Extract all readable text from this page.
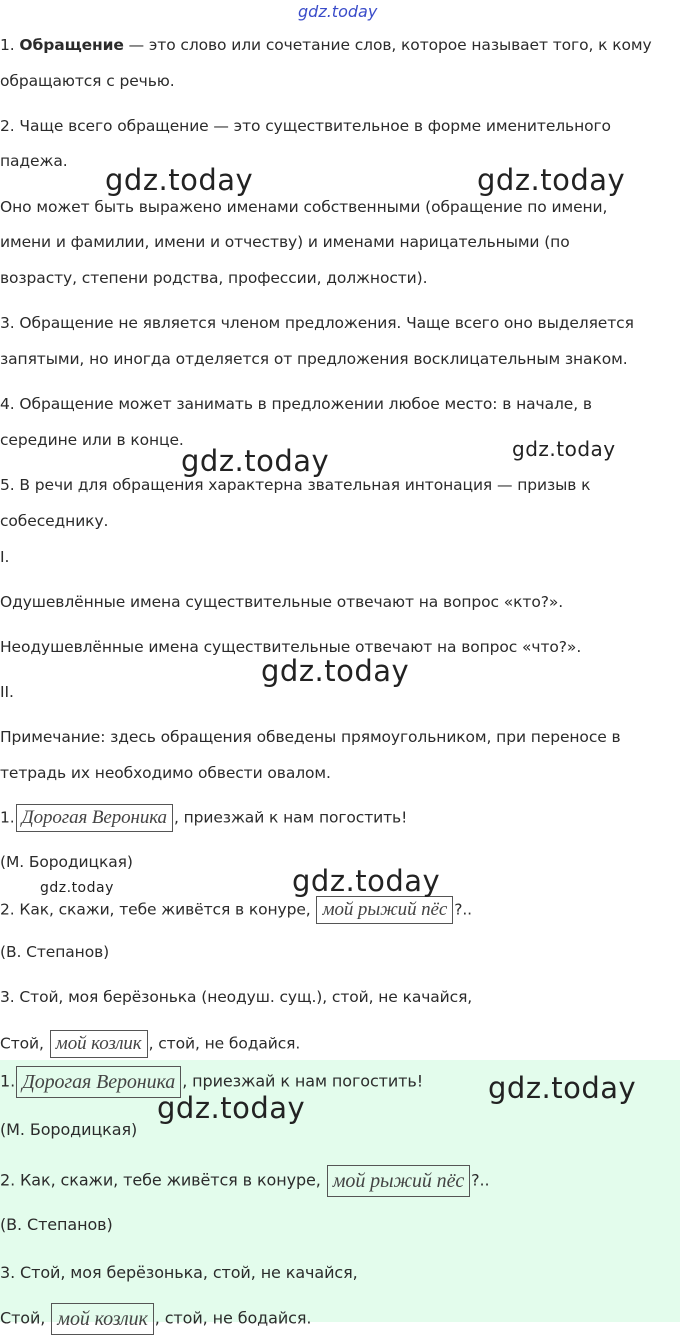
1. Обращение — это слово или сочетание слов, которое называет того, к кому
обращаются с речью.
2. Чаще всего обращение — это существительное в форме именительного
падежа.
Оно может быть выражено именами собственными (обращение по имени,
имени и фамилии, имени и отчеству) и именами нарицательными (по
возрасту, степени родства, профессии, должности).
3. Обращение не является членом предложения. Чаще всего оно выделяется
запятыми, но иногда отделяется от предложения восклицательным знаком.
4. Обращение может занимать в предложении любое место: в начале, в
середине или в конце.
5. В речи для обращения характерна звательная интонация — призыв к
собеседнику.
I.
Одушевлённые имена существительные отвечают на вопрос «кто?».
Неодушевлённые имена существительные отвечают на вопрос «что?».
II.
Примечание: здесь обращения обведены прямоугольником, при переносе в
тетрадь их необходимо обвести овалом.
1. Дорогая Вероника , приезжай к нам погостить!
(М. Бородицкая)
2. Как, скажи, тебе живётся в конуре, мой рыжий пёс ?..
(В. Степанов)
3. Стой, моя берёзонька (неодуш. сущ.), стой, не качайся,
Стой, мой козлик , стой, не бодайся.
1. Дорогая Вероника , приезжай к нам погостить!
(М. Бородицкая)
2. Как, скажи, тебе живётся в конуре, мой рыжий пёс ?..
(В. Степанов)
3. Стой, моя берёзонька, стой, не качайся,
Стой, мой козлик , стой, не бодайся.
gdz.today
gdz.today	gdz.today
gdz.today
gdz.today
gdz.today
gdz.today	gdz.today
gdz.today
gdz.today
